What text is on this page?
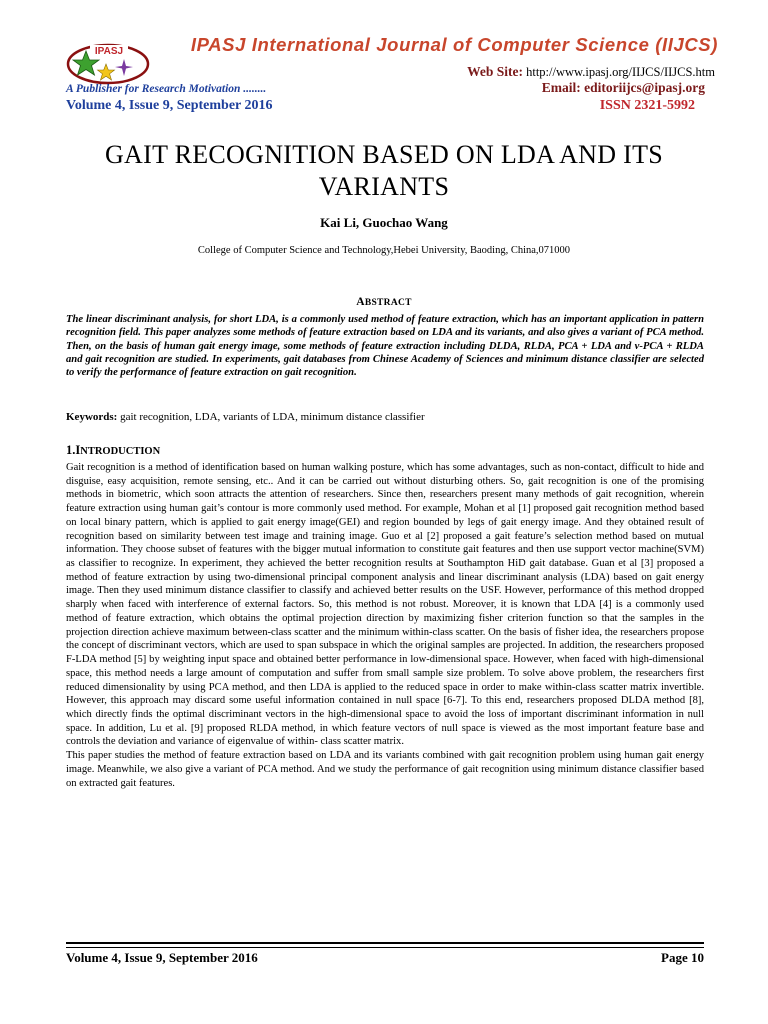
IPASJ	IPASJ International Journal of Computer Science (IIJCS)
Web Site: http://www.ipasj.org/IIJCS/IIJCS.htm
A Publisher for Research Motivation ........	Email: editoriijcs@ipasj.org
Volume 4, Issue 9, September 2016	ISSN 2321-5992
GAIT RECOGNITION BASED ON LDA AND ITS VARIANTS
Kai Li, Guochao Wang
College of Computer Science and Technology,Hebei University, Baoding, China,071000
ABSTRACT

The linear discriminant analysis, for short LDA, is a commonly used method of feature extraction, which has an important application in pattern recognition field. This paper analyzes some methods of feature extraction based on LDA and its variants, and also gives a variant of PCA method. Then, on the basis of human gait energy image, some methods of feature extraction including DLDA, RLDA, PCA + LDA and v-PCA + RLDA and gait recognition are studied. In experiments, gait databases from Chinese Academy of Sciences and minimum distance classifier are selected to verify the performance of feature extraction on gait recognition.

Keywords: gait recognition, LDA, variants of LDA, minimum distance classifier
1.INTRODUCTION

Gait recognition is a method of identification based on human walking posture, which has some advantages, such as non-contact, difficult to hide and disguise, easy acquisition, remote sensing, etc.. And it can be carried out without disturbing others. So, gait recognition is one of the promising methods in biometric, which soon attracts the attention of researchers. Since then, researchers present many methods of gait recognition, wherein feature extraction using human gait’s contour is more commonly used method. For example, Mohan et al [1] proposed gait recognition method based on local binary pattern, which is applied to gait energy image(GEI) and region bounded by legs of gait energy image. And they obtained result of recognition based on similarity between test image and training image. Guo et al [2] proposed a gait feature’s selection method based on mutual information. They choose subset of features with the bigger mutual information to constitute gait features and then use support vector machine(SVM) as classifier to recognize. In experiment, they achieved the better recognition results at Southampton HiD gait database. Guan et al [3] proposed a method of feature extraction by using two-dimensional principal component analysis and linear discriminant analysis (LDA) based on gait energy image. Then they used minimum distance classifier to classify and achieved better results on the USF. However, performance of this method dropped sharply when faced with interference of external factors. So, this method is not robust. Moreover, it is known that LDA [4] is a commonly used method of feature extraction, which obtains the optimal projection direction by maximizing fisher criterion function so that the samples in the projection direction achieve maximum between-class scatter and the minimum within-class scatter. On the basis of fisher idea, the researchers propose the concept of discriminant vectors, which are used to span subspace in which the original samples are projected. In addition, the researchers proposed F-LDA method [5] by weighting input space and obtained better performance in low-dimensional space. However, when faced with high-dimensional space, this method needs a large amount of computation and suffer from small sample size problem. To solve above problem, the researchers first reduced dimensionality by using PCA method, and then LDA is applied to the reduced space in order to make within-class scatter matrix invertible. However, this approach may discard some useful information contained in null space [6-7]. To this end, researchers proposed DLDA method [8], which directly finds the optimal discriminant vectors in the high-dimensional space to avoid the loss of important discriminant information in null space. In addition, Lu et al. [9] proposed RLDA method, in which feature vectors of null space is viewed as the most important feature base and controls the deviation and variance of eigenvalue of within- class scatter matrix.

This paper studies the method of feature extraction based on LDA and its variants combined with gait recognition problem using human gait energy image. Meanwhile, we also give a variant of PCA method. And we study the performance of gait recognition using minimum distance classifier based on extracted gait features.

Volume 4, Issue 9, September 2016	Page 10
